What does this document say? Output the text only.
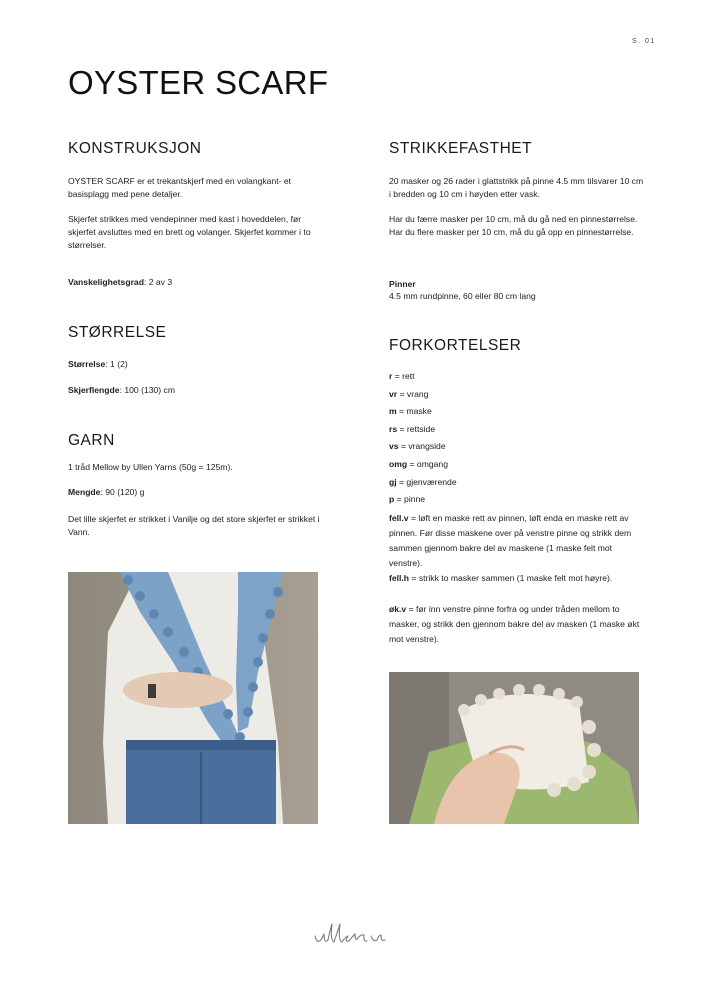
S. 01
OYSTER SCARF
KONSTRUKSJON
OYSTER SCARF er et trekantskjerf med en volangkant- et basisplagg med pene detaljer.
Skjerfet strikkes med vendepinner med kast i hoveddelen, før skjerfet avsluttes med en brett og volanger. Skjerfet kommer i to størrelser.
Vanskelighetsgrad: 2 av 3
STØRRELSE
Størrelse: 1 (2)
Skjerflengde: 100 (130) cm
GARN
1 tråd Mellow by Ullen Yarns (50g = 125m).
Mengde: 90 (120) g
Det lille skjerfet er strikket i Vanilje og det store skjerfet er strikket i Vann.
STRIKKEFASTHET
20 masker og 26 rader i glattstrikk på pinne 4.5 mm tilsvarer 10 cm i bredden og 10 cm i høyden etter vask.
Har du færre masker per 10 cm, må du gå ned en pinnestørrelse. Har du flere masker per 10 cm, må du gå opp en pinnestørrelse.
Pinner
4.5 mm rundpinne, 60 eller 80 cm lang
FORKORTELSER
r = rett
vr = vrang
m = maske
rs = rettside
vs = vrangside
omg = omgang
gj = gjenværende
p = pinne
fell.v = løft en maske rett av pinnen, løft enda en maske rett av pinnen. Før disse maskene over på venstre pinne og strikk dem sammen gjennom bakre del av maskene (1 maske felt mot venstre).
fell.h = strikk to masker sammen (1 maske felt mot høyre).
øk.v = før inn venstre pinne forfra og under tråden mellom to masker, og strikk den gjennom bakre del av masken (1 maske økt mot venstre).
